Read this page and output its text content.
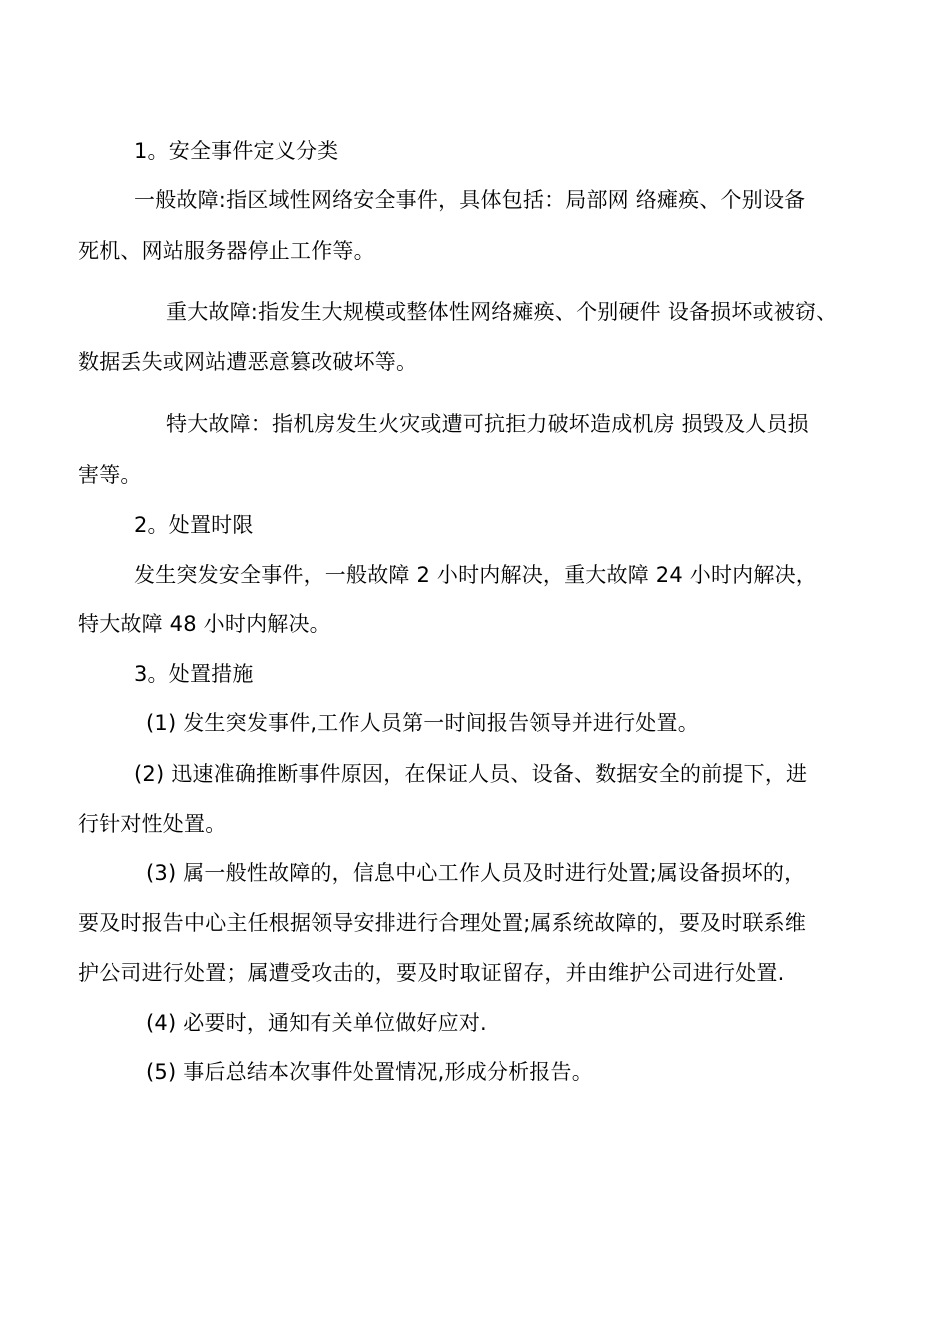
1。安全事件定义分类
一般故障:指区域性网络安全事件，具体包括：局部网 络瘫痪、个别设备
死机、网站服务器停止工作等。
重大故障:指发生大规模或整体性网络瘫痪、个别硬件 设备损坏或被窃、
数据丢失或网站遭恶意篡改破坏等。
特大故障：指机房发生火灾或遭可抗拒力破坏造成机房 损毁及人员损
害等。
2。处置时限
发生突发安全事件，一般故障 2 小时内解决，重大故障 24 小时内解决，
特大故障 48 小时内解决。
3。处置措施
(1) 发生突发事件,工作人员第一时间报告领导并进行处置。
(2) 迅速准确推断事件原因，在保证人员、设备、数据安全的前提下，进
行针对性处置。
(3) 属一般性故障的，信息中心工作人员及时进行处置;属设备损坏的，
要及时报告中心主任根据领导安排进行合理处置;属系统故障的，要及时联系维
护公司进行处置；属遭受攻击的，要及时取证留存，并由维护公司进行处置.
(4) 必要时，通知有关单位做好应对.
(5) 事后总结本次事件处置情况,形成分析报告。
